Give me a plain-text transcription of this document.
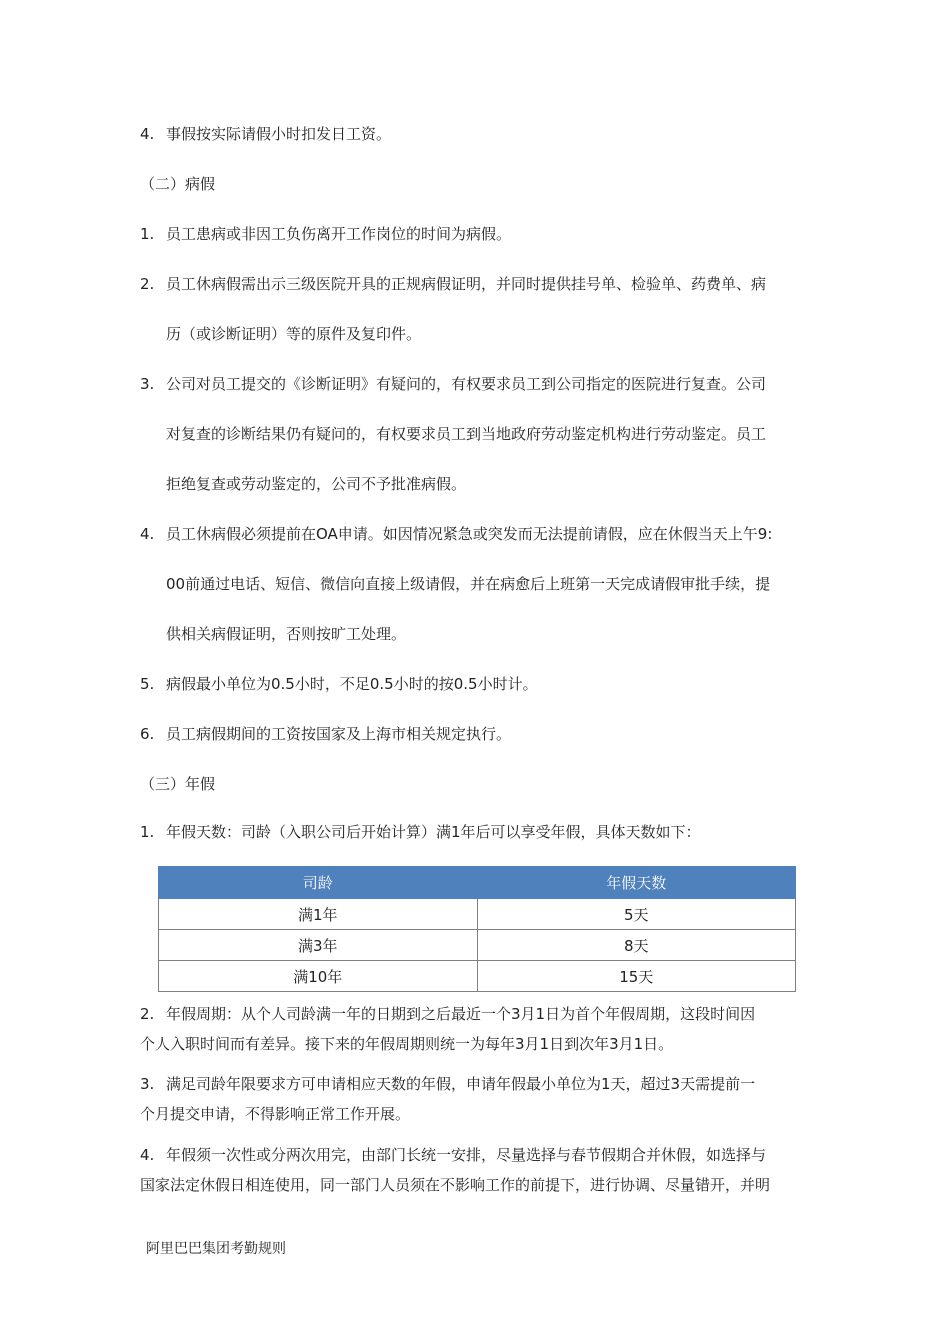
4. 事假按实际请假小时扣发日工资。
（二）病假
1. 员工患病或非因工负伤离开工作岗位的时间为病假。
2. 员工休病假需出示三级医院开具的正规病假证明，并同时提供挂号单、检验单、药费单、病
历（或诊断证明）等的原件及复印件。
3. 公司对员工提交的《诊断证明》有疑问的，有权要求员工到公司指定的医院进行复查。公司
对复查的诊断结果仍有疑问的，有权要求员工到当地政府劳动鉴定机构进行劳动鉴定。员工
拒绝复查或劳动鉴定的，公司不予批准病假。
4. 员工休病假必须提前在OA申请。如因情况紧急或突发而无法提前请假，应在休假当天上午9:
00前通过电话、短信、微信向直接上级请假，并在病愈后上班第一天完成请假审批手续，提
供相关病假证明，否则按旷工处理。
5. 病假最小单位为0.5小时，不足0.5小时的按0.5小时计。
6. 员工病假期间的工资按国家及上海市相关规定执行。
（三）年假
1. 年假天数：司龄（入职公司后开始计算）满1年后可以享受年假，具体天数如下：
2. 年假周期：从个人司龄满一年的日期到之后最近一个3月1日为首个年假周期，这段时间因
个人入职时间而有差异。接下来的年假周期则统一为每年3月1日到次年3月1日。
3. 满足司龄年限要求方可申请相应天数的年假，申请年假最小单位为1天，超过3天需提前一
个月提交申请，不得影响正常工作开展。
4. 年假须一次性或分两次用完，由部门长统一安排，尽量选择与春节假期合并休假，如选择与
国家法定休假日相连使用，同一部门人员须在不影响工作的前提下，进行协调、尽量错开，并明
司龄	年假天数
满1年	5天
满3年	8天
满10年	15天
阿里巴巴集团考勤规则
